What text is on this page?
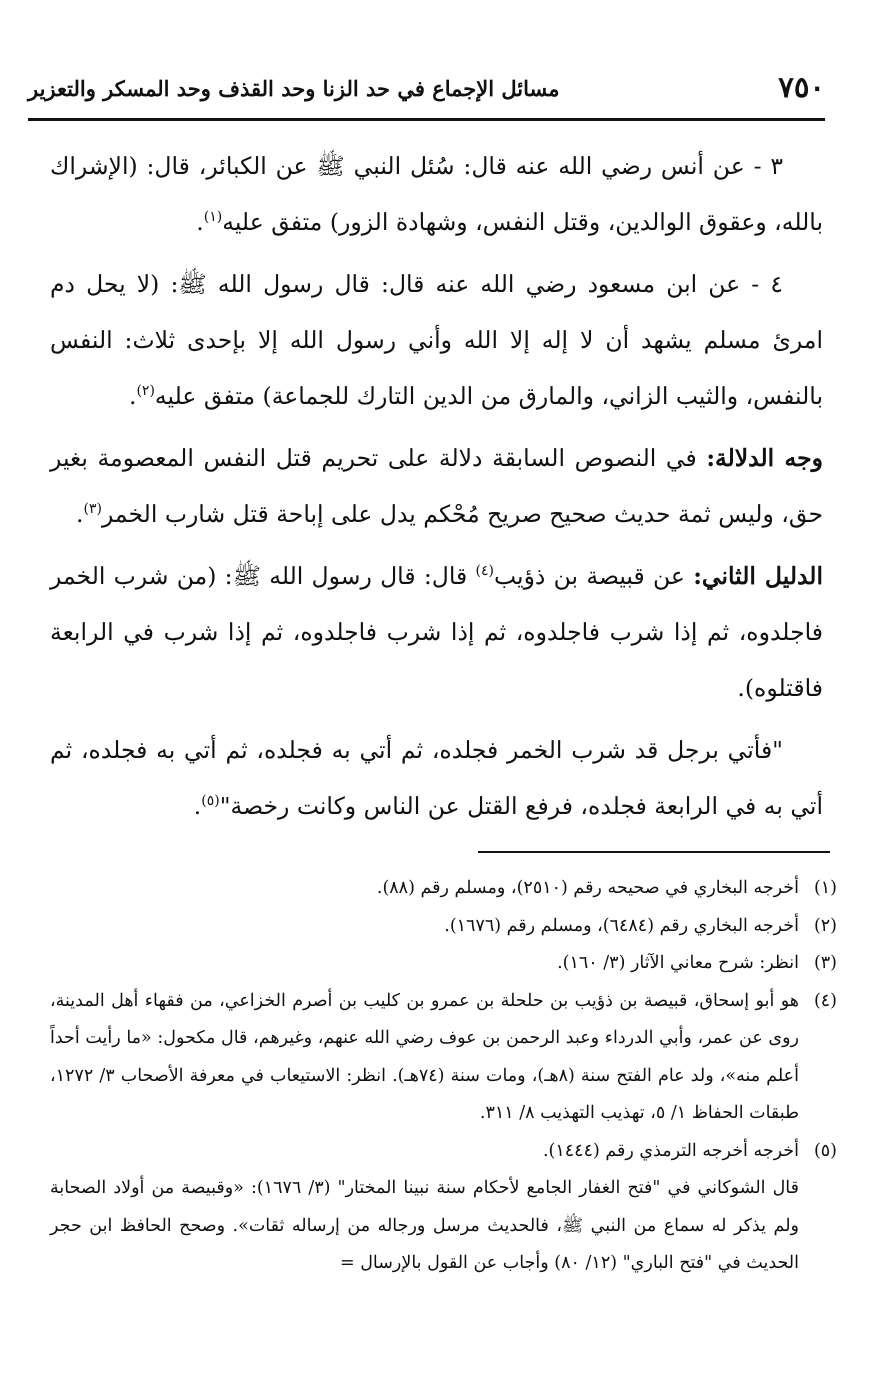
٧٥٠
مسائل الإجماع في حد الزنا وحد القذف وحد المسكر والتعزير

٣ - عن أنس رضي الله عنه قال: سُئل النبي ﷺ عن الكبائر، قال: (الإشراك بالله، وعقوق الوالدين، وقتل النفس، وشهادة الزور) متفق عليه$^{(١)}$.

٤ - عن ابن مسعود رضي الله عنه قال: قال رسول الله ﷺ: (لا يحل دم امرئ مسلم يشهد أن لا إله إلا الله وأني رسول الله إلا بإحدى ثلاث: النفس بالنفس، والثيب الزاني، والمارق من الدين التارك للجماعة) متفق عليه$^{(٢)}$.

وجه الدلالة: في النصوص السابقة دلالة على تحريم قتل النفس المعصومة بغير حق، وليس ثمة حديث صحيح صريح مُحْكم يدل على إباحة قتل شارب الخمر$^{(٣)}$.

الدليل الثاني: عن قبيصة بن ذؤيب$^{(٤)}$ قال: قال رسول الله ﷺ: (من شرب الخمر فاجلدوه، ثم إذا شرب فاجلدوه، ثم إذا شرب فاجلدوه، ثم إذا شرب في الرابعة فاقتلوه).

"فأتي برجل قد شرب الخمر فجلده، ثم أتي به فجلده، ثم أتي به فجلده، ثم أتي به في الرابعة فجلده، فرفع القتل عن الناس وكانت رخصة"$^{(٥)}$.

(١)
أخرجه البخاري في صحيحه رقم (٢٥١٠)، ومسلم رقم (٨٨).
(٢)
أخرجه البخاري رقم (٦٤٨٤)، ومسلم رقم (١٦٧٦).
(٣)
انظر: شرح معاني الآثار (٣/ ١٦٠).
(٤)
هو أبو إسحاق، قبيصة بن ذؤيب بن حلحلة بن عمرو بن كليب بن أصرم الخزاعي، من فقهاء أهل المدينة، روى عن عمر، وأبي الدرداء وعبد الرحمن بن عوف رضي الله عنهم، وغيرهم، قال مكحول: «ما رأيت أحداً أعلم منه»، ولد عام الفتح سنة (٨هـ)، ومات سنة (٧٤هـ). انظر: الاستيعاب في معرفة الأصحاب ٣/ ١٢٧٢، طبقات الحفاظ ١/ ٥، تهذيب التهذيب ٨/ ٣١١.
(٥)
أخرجه أخرجه الترمذي رقم (١٤٤٤).
قال الشوكاني في "فتح الغفار الجامع لأحكام سنة نبينا المختار" (٣/ ١٦٧٦): «وقبيصة من أولاد الصحابة ولم يذكر له سماع من النبي ﷺ، فالحديث مرسل ورجاله من إرساله ثقات». وصحح الحافظ ابن حجر الحديث في "فتح الباري" (١٢/ ٨٠) وأجاب عن القول بالإرسال =
